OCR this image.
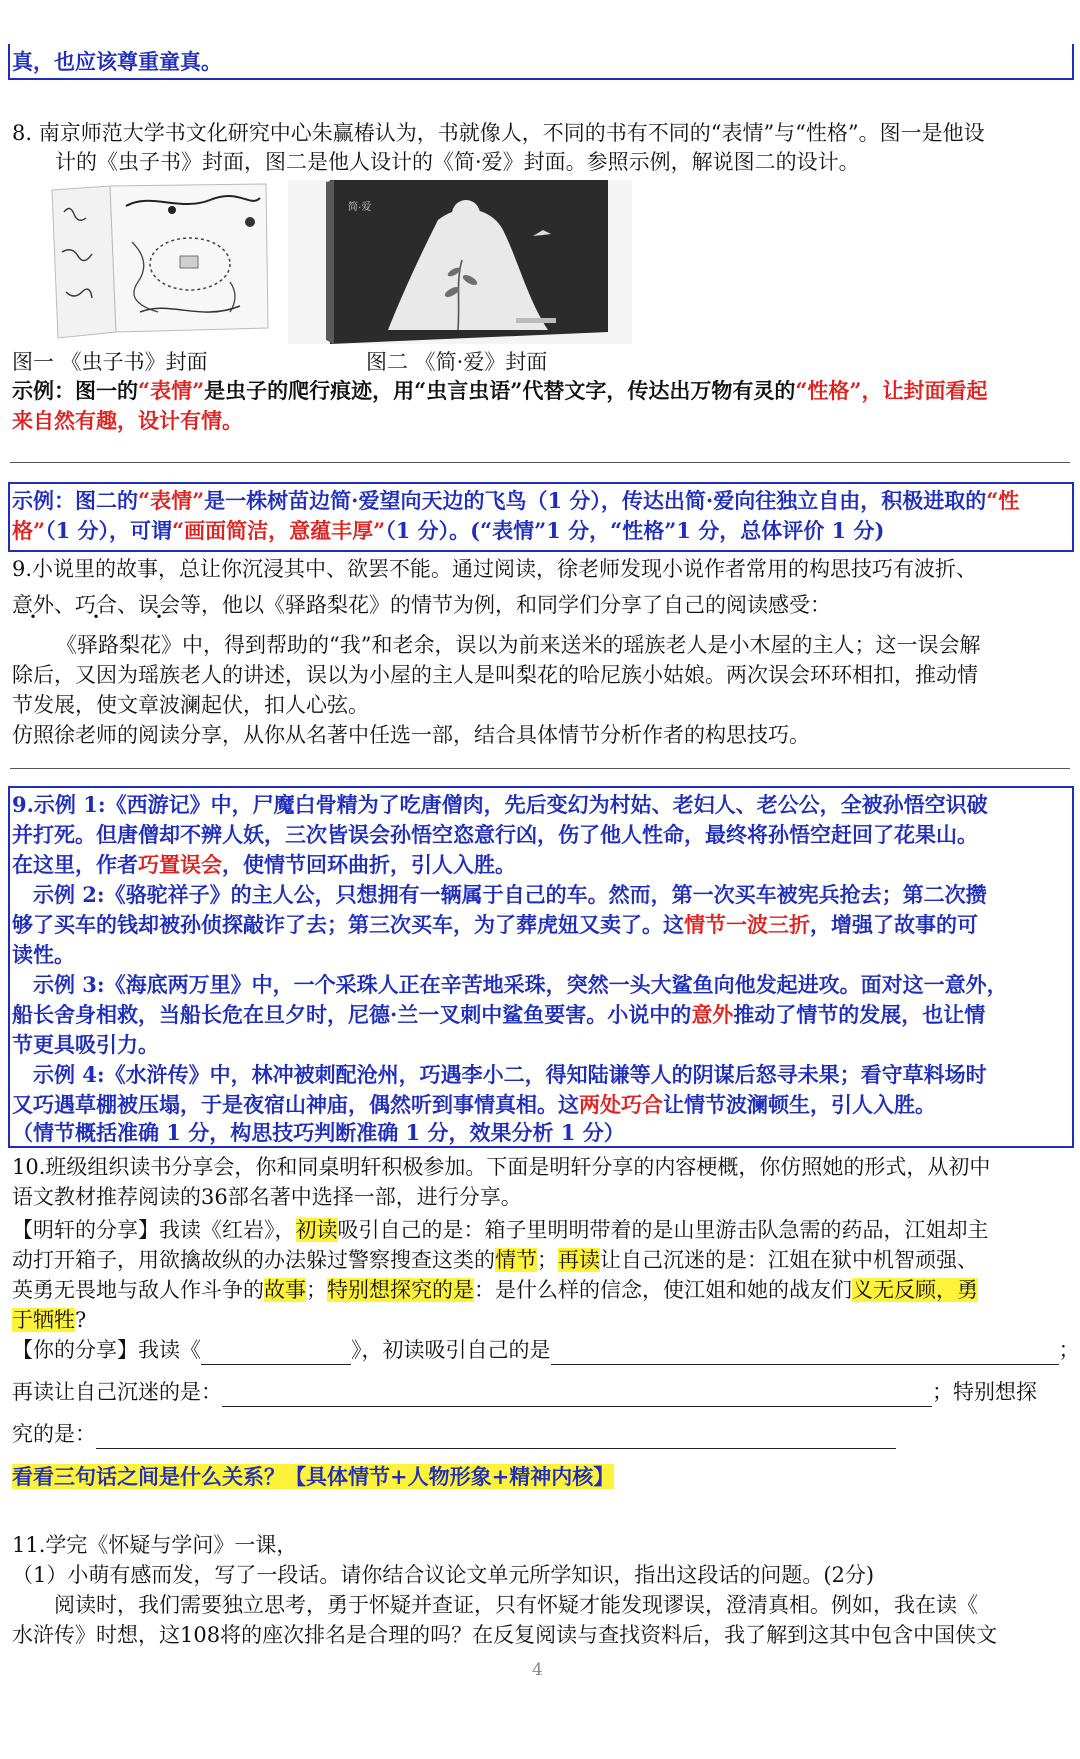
真，也应该尊重童真。
8. 南京师范大学书文化研究中心朱赢椿认为，书就像人，不同的书有不同的“表情”与“性格”。图一是他设
计的《虫子书》封面，图二是他人设计的《简·爱》封面。参照示例，解说图二的设计。
简·爱
图一 《虫子书》封面	图二 《简·爱》封面
示例：图一的“表情”是虫子的爬行痕迹，用“虫言虫语”代替文字，传达出万物有灵的“性格”，让封面看起
来自然有趣，设计有情。
示例：图二的“表情”是一株树苗边简·爱望向天边的飞鸟（1 分），传达出简·爱向往独立自由，积极进取的“性
格”（1 分），可谓“画面简洁，意蕴丰厚”（1 分）。(“表情”1 分，“性格”1 分，总体评价 1 分)
9.小说里的故事，总让你沉浸其中、欲罢不能。通过阅读，徐老师发现小说作者常用的构思技巧有波折、
意外、巧合、误会等，他以《驿路梨花》的情节为例，和同学们分享了自己的阅读感受：
《驿路梨花》中，得到帮助的“我”和老余，误以为前来送米的瑶族老人是小木屋的主人；这一误会解
除后，又因为瑶族老人的讲述，误以为小屋的主人是叫梨花的哈尼族小姑娘。两次误会环环相扣，推动情
节发展，使文章波澜起伏，扣人心弦。
仿照徐老师的阅读分享，从你从名著中任选一部，结合具体情节分析作者的构思技巧。
9.示例 1:《西游记》中，尸魔白骨精为了吃唐僧肉，先后变幻为村姑、老妇人、老公公，全被孙悟空识破
并打死。但唐僧却不辨人妖，三次皆误会孙悟空恣意行凶，伤了他人性命，最终将孙悟空赶回了花果山。
在这里，作者巧置误会，使情节回环曲折，引人入胜。
示例 2:《骆驼祥子》的主人公，只想拥有一辆属于自己的车。然而，第一次买车被宪兵抢去；第二次攒
够了买车的钱却被孙侦探敲诈了去；第三次买车，为了葬虎妞又卖了。这情节一波三折，增强了故事的可
读性。
示例 3:《海底两万里》中，一个采珠人正在辛苦地采珠，突然一头大鲨鱼向他发起进攻。面对这一意外，
船长舍身相救，当船长危在旦夕时，尼德·兰一叉刺中鲨鱼要害。小说中的意外推动了情节的发展，也让情
节更具吸引力。
示例 4:《水浒传》中，林冲被刺配沧州，巧遇李小二，得知陆谦等人的阴谋后怒寻未果；看守草料场时
又巧遇草棚被压塌，于是夜宿山神庙，偶然听到事情真相。这两处巧合让情节波澜顿生，引人入胜。
（情节概括准确 1 分，构思技巧判断准确 1 分，效果分析 1 分）
10.班级组织读书分享会，你和同桌明轩积极参加。下面是明轩分享的内容梗概，你仿照她的形式，从初中
语文教材推荐阅读的36部名著中选择一部，进行分享。
【明轩的分享】我读《红岩》，初读吸引自己的是：箱子里明明带着的是山里游击队急需的药品，江姐却主
动打开箱子，用欲擒故纵的办法躲过警察搜查这类的情节；再读让自己沉迷的是：江姐在狱中机智顽强、
英勇无畏地与敌人作斗争的故事；特别想探究的是：是什么样的信念，使江姐和她的战友们义无反顾，勇
于牺牲?
【你的分享】我读《	》，初读吸引自己的是	；
再读让自己沉迷的是：	；特别想探
究的是：
看看三句话之间是什么关系？【具体情节+人物形象+精神内核】
11.学完《怀疑与学问》一课，
（1）小萌有感而发，写了一段话。请你结合议论文单元所学知识，指出这段话的问题。(2分)
阅读时，我们需要独立思考，勇于怀疑并查证，只有怀疑才能发现谬误，澄清真相。例如，我在读《
水浒传》时想，这108将的座次排名是合理的吗？在反复阅读与查找资料后，我了解到这其中包含中国侠文
4
